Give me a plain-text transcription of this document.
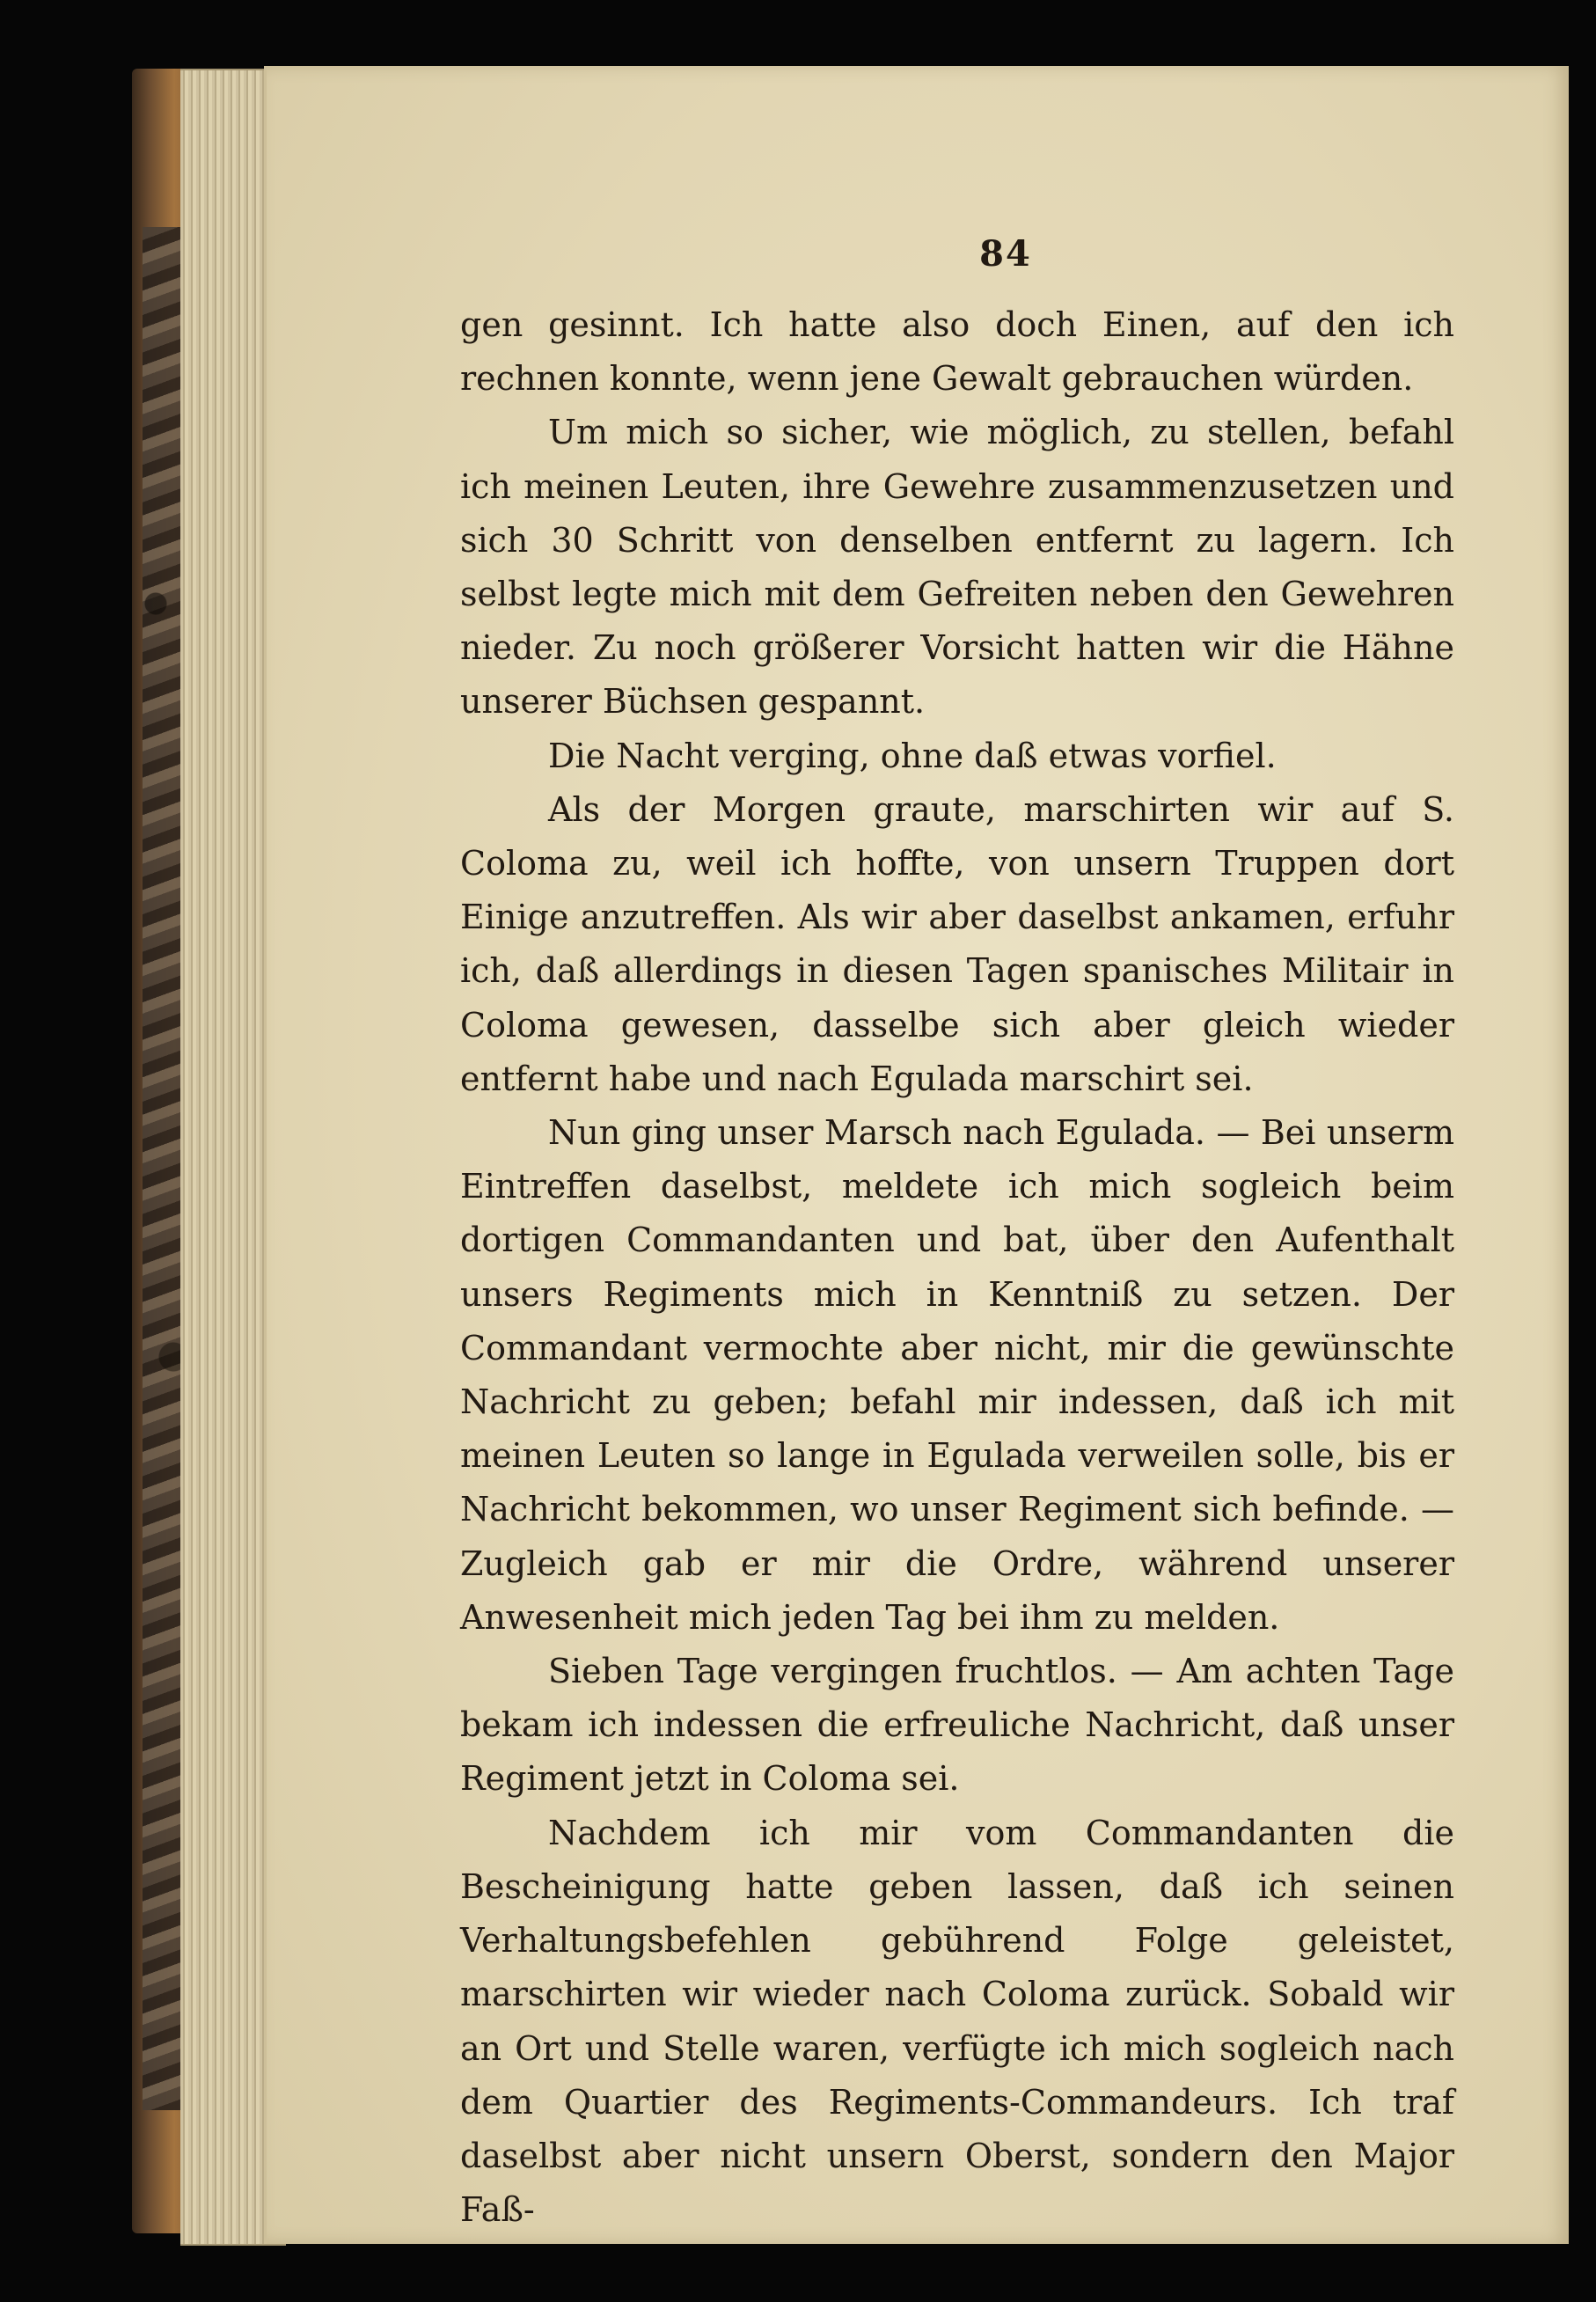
84

gen gesinnt. Ich hatte also doch Einen, auf den ich rechnen konnte, wenn jene Gewalt gebrauchen würden.

Um mich so sicher, wie möglich, zu stellen, befahl ich meinen Leuten, ihre Gewehre zusammenzusetzen und sich 30 Schritt von denselben entfernt zu lagern. Ich selbst legte mich mit dem Gefreiten neben den Gewehren nieder. Zu noch größerer Vorsicht hatten wir die Hähne unserer Büchsen gespannt.

Die Nacht verging, ohne daß etwas vorfiel.

Als der Morgen graute, marschirten wir auf S. Coloma zu, weil ich hoffte, von unsern Truppen dort Einige anzutreffen. Als wir aber daselbst ankamen, erfuhr ich, daß allerdings in diesen Tagen spanisches Militair in Coloma gewesen, dasselbe sich aber gleich wieder entfernt habe und nach Egulada marschirt sei.

Nun ging unser Marsch nach Egulada. — Bei unserm Eintreffen daselbst, meldete ich mich sogleich beim dortigen Commandanten und bat, über den Aufenthalt unsers Regiments mich in Kenntniß zu setzen. Der Commandant vermochte aber nicht, mir die gewünschte Nachricht zu geben; befahl mir indessen, daß ich mit meinen Leuten so lange in Egulada verweilen solle, bis er Nachricht bekommen, wo unser Regiment sich befinde. — Zugleich gab er mir die Ordre, während unserer Anwesenheit mich jeden Tag bei ihm zu melden.

Sieben Tage vergingen fruchtlos. — Am achten Tage bekam ich indessen die erfreuliche Nachricht, daß unser Regiment jetzt in Coloma sei.

Nachdem ich mir vom Commandanten die Bescheinigung hatte geben lassen, daß ich seinen Verhaltungsbefehlen gebührend Folge geleistet, marschirten wir wieder nach Coloma zurück. Sobald wir an Ort und Stelle waren, verfügte ich mich sogleich nach dem Quartier des Regiments-Commandeurs. Ich traf daselbst aber nicht unsern Oberst, sondern den Major Faß-
